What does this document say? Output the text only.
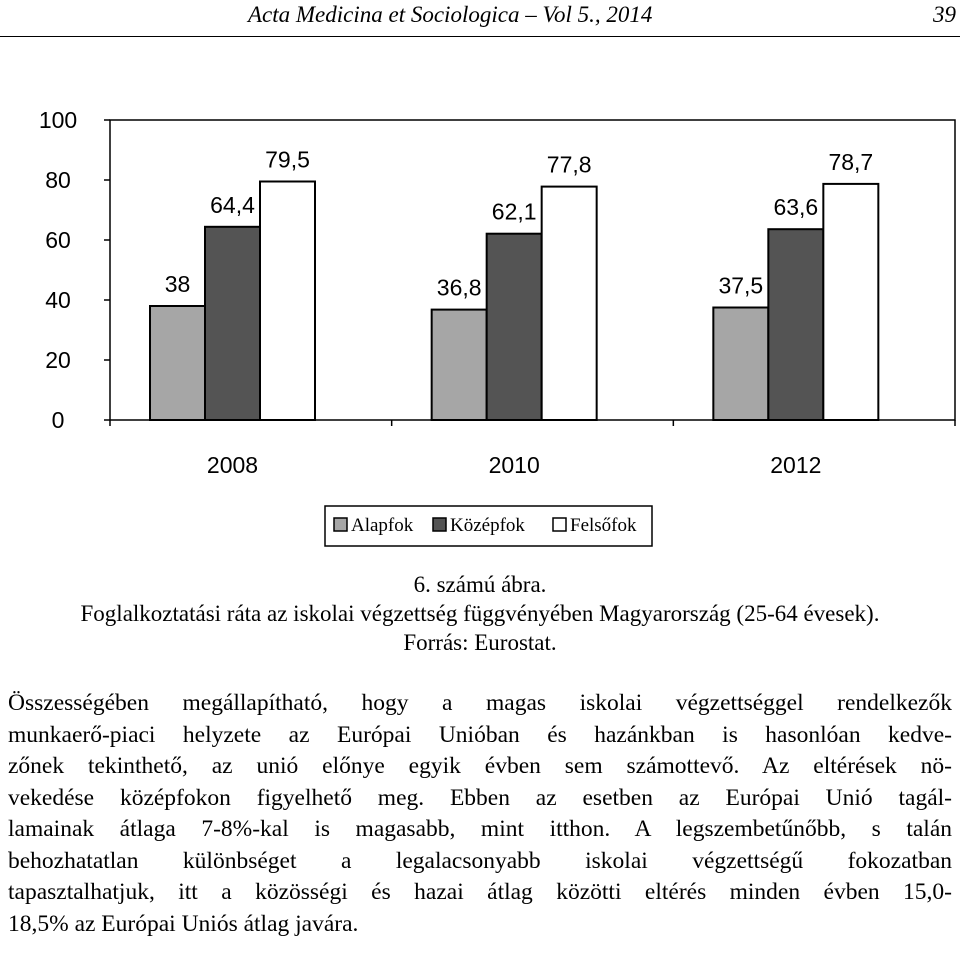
Acta Medicina et Sociologica – Vol 5., 2014	39
0
20
40
60
80
100
38
64,4
79,5
2008
36,8
62,1
77,8
2010
37,5
63,6
78,7
2012
Alapfok Középfok Felsőfok
6. számú ábra.
Foglalkoztatási ráta az iskolai végzettség függvényében Magyarország (25-64 évesek).
Forrás: Eurostat.
Összességében megállapítható, hogy a magas iskolai végzettséggel rendelkezők
munkaerő-piaci helyzete az Európai Unióban és hazánkban is hasonlóan kedve-
zőnek tekinthető, az unió előnye egyik évben sem számottevő. Az eltérések nö-
vekedése középfokon figyelhető meg. Ebben az esetben az Európai Unió tagál-
lamainak átlaga 7-8%-kal is magasabb, mint itthon. A legszembetűnőbb, s talán
behozhatatlan különbséget a legalacsonyabb iskolai végzettségű fokozatban
tapasztalhatjuk, itt a közösségi és hazai átlag közötti eltérés minden évben 15,0-
18,5% az Európai Uniós átlag javára.
